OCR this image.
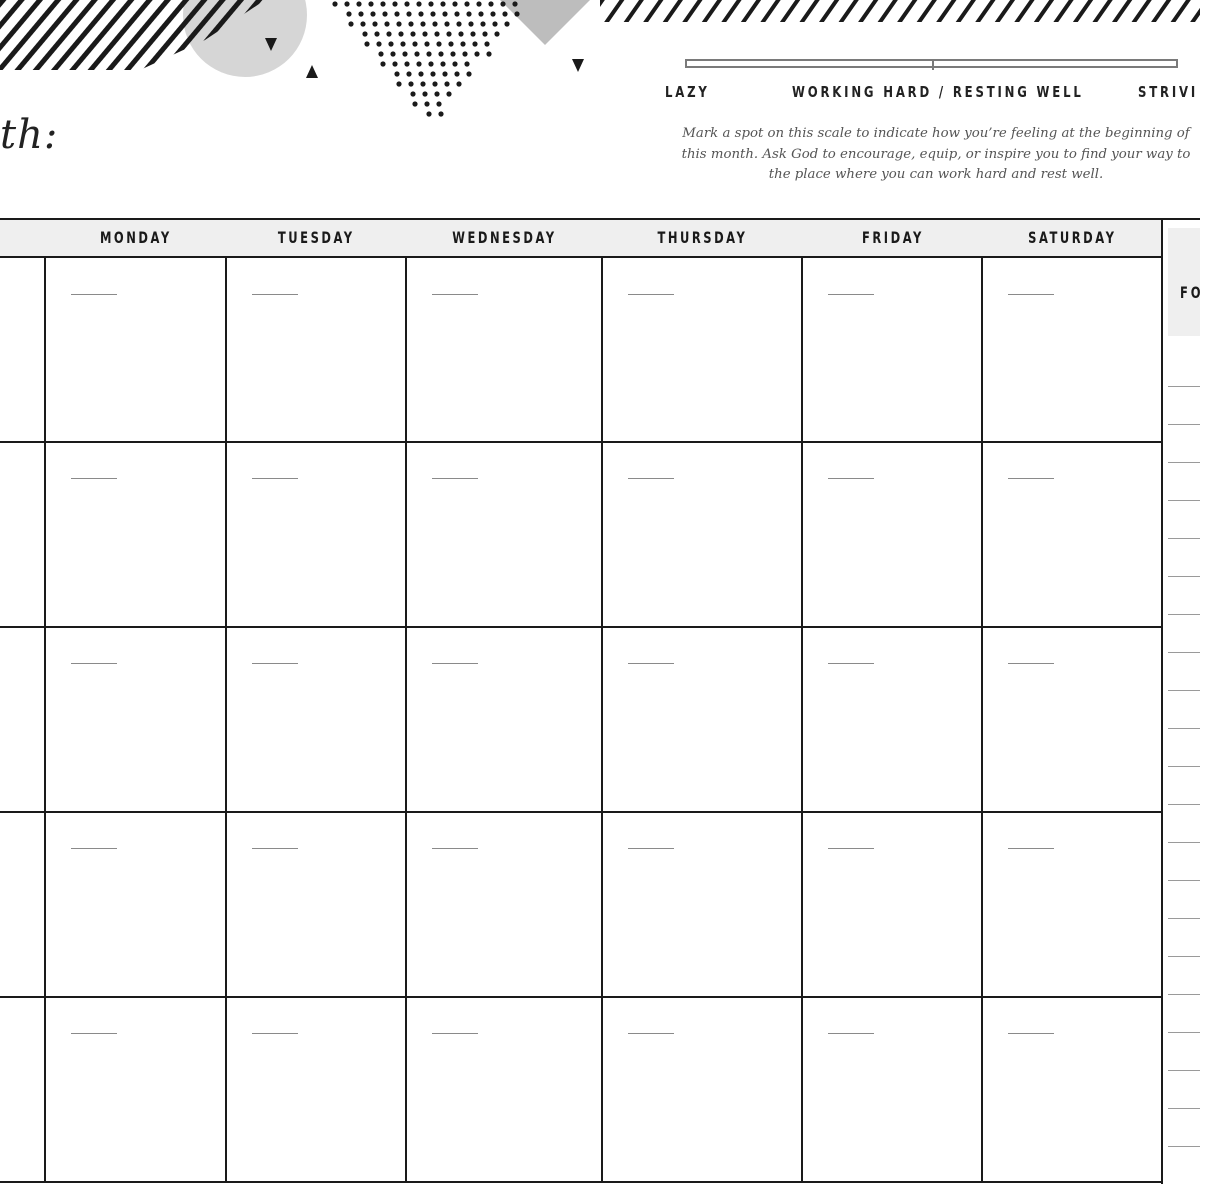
th:
LAZY	WORKING HARD / RESTING WELL	STRIVI
Mark a spot on this scale to indicate how you’re feeling at the beginning of this month. Ask God to encourage, equip, or inspire you to find your way to the place where you can work hard and rest well.
MONDAY	TUESDAY	WEDNESDAY	THURSDAY	FRIDAY	SATURDAY
FO
